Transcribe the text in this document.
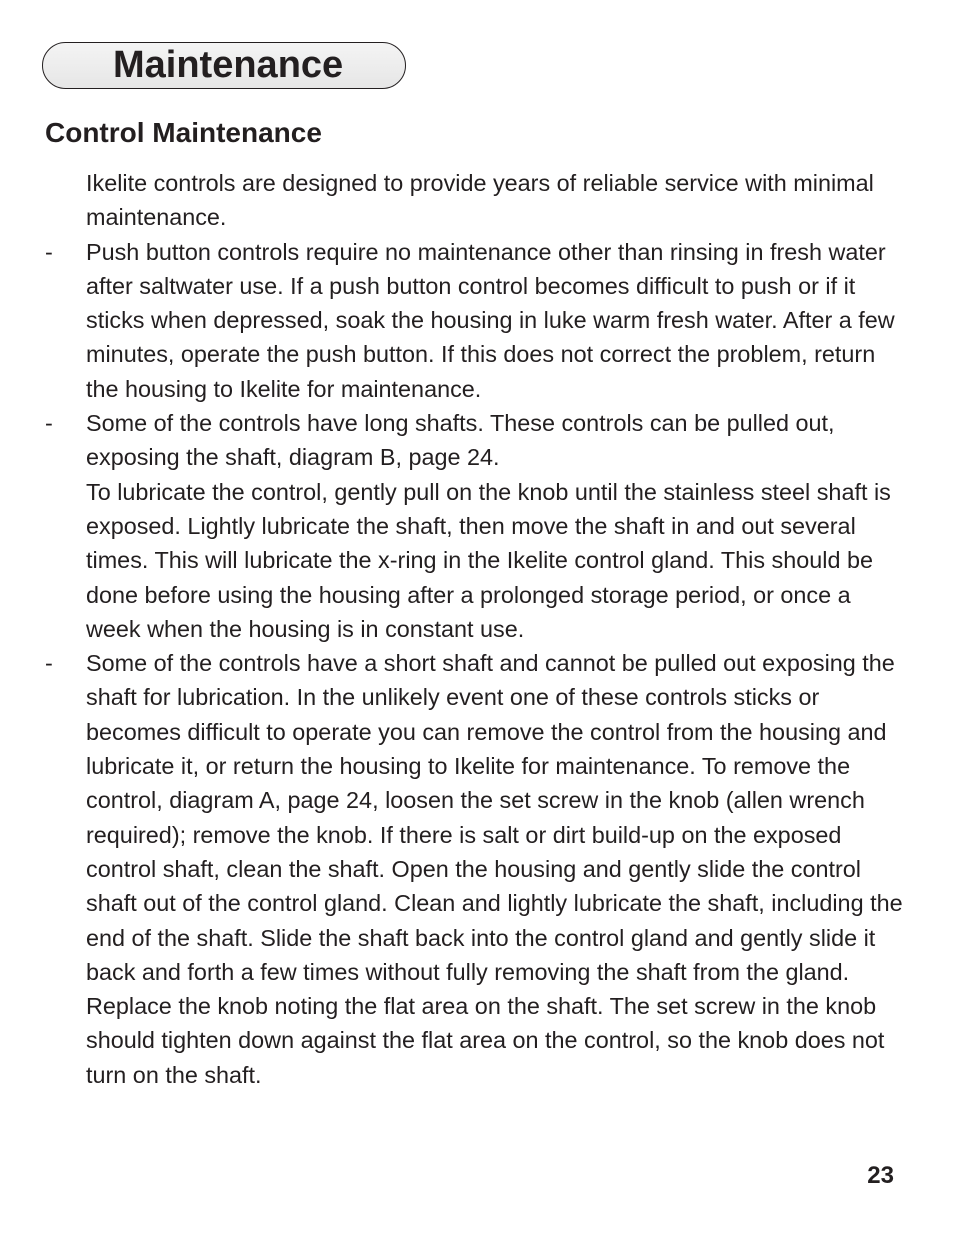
Maintenance
Control Maintenance

Ikelite controls are designed to provide years of reliable service with minimal maintenance.

- Push button controls require no maintenance other than rinsing in fresh water after saltwater use. If a push button control becomes difficult to push or if it sticks when depressed, soak the housing in luke warm fresh water. After a few minutes, operate the push button. If this does not correct the problem, return the housing to Ikelite for maintenance.

- Some of the controls have long shafts. These controls can be pulled out, exposing the shaft, diagram B, page 24.

To lubricate the control, gently pull on the knob until the stainless steel shaft is exposed. Lightly lubricate the shaft, then move the shaft in and out several times. This will lubricate the x-ring in the Ikelite control gland. This should be done before using the housing after a prolonged storage period, or once a week when the housing is in constant use.

- Some of the controls have a short shaft and cannot be pulled out exposing the shaft for lubrication. In the unlikely event one of these controls sticks or becomes difficult to operate you can remove the control from the housing and lubricate it, or return the housing to Ikelite for maintenance. To remove the control, diagram A, page 24, loosen the set screw in the knob (allen wrench required); remove the knob. If there is salt or dirt build-up on the exposed control shaft, clean the shaft. Open the housing and gently slide the control shaft out of the control gland. Clean and lightly lubricate the shaft, including the end of the shaft. Slide the shaft back into the control gland and gently slide it back and forth a few times without fully removing the shaft from the gland. Replace the knob noting the flat area on the shaft. The set screw in the knob should tighten down against the flat area on the control, so the knob does not turn on the shaft.

23
